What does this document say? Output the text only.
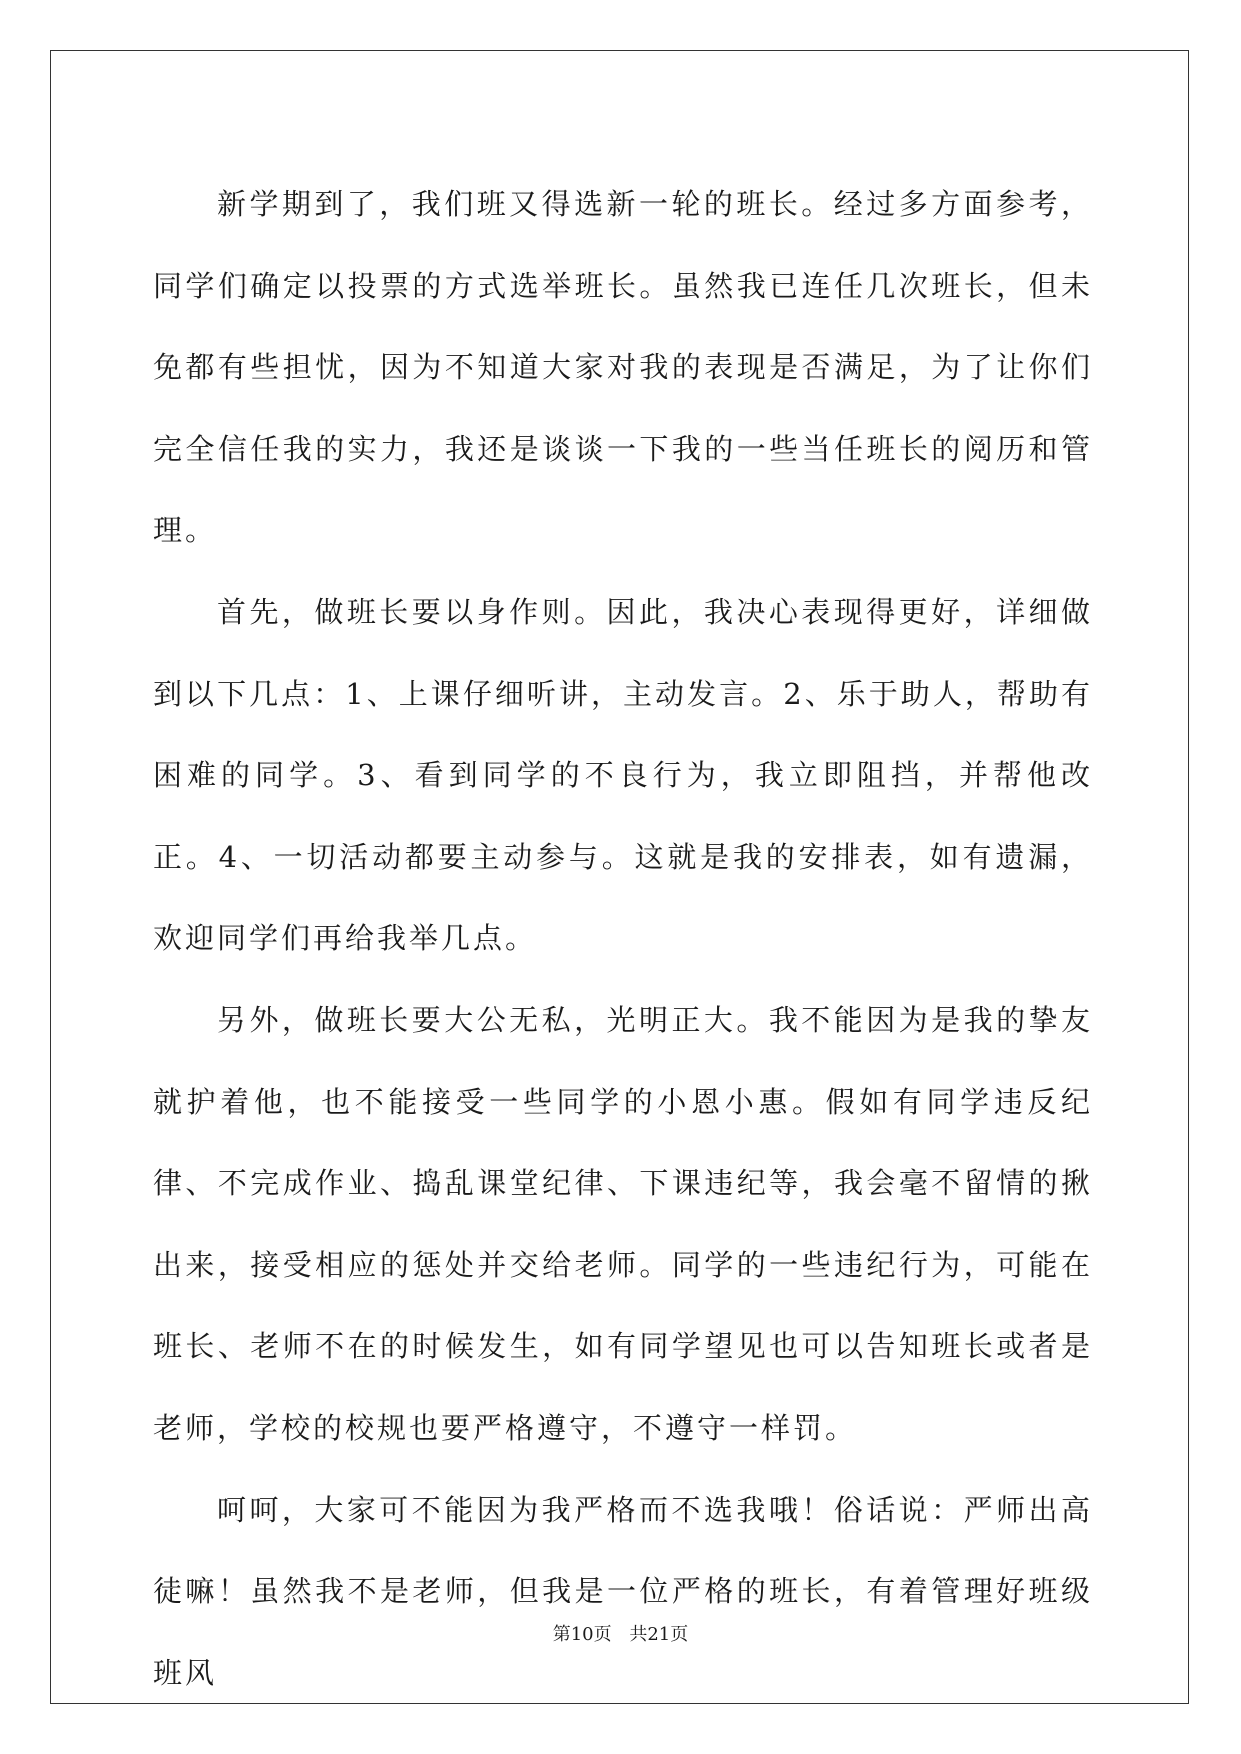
新学期到了，我们班又得选新一轮的班长。经过多方面参考，同学们确定以投票的方式选举班长。虽然我已连任几次班长，但未免都有些担忧，因为不知道大家对我的表现是否满足，为了让你们完全信任我的实力，我还是谈谈一下我的一些当任班长的阅历和管理。

首先，做班长要以身作则。因此，我决心表现得更好，详细做到以下几点：1、上课仔细听讲，主动发言。2、乐于助人，帮助有困难的同学。3、看到同学的不良行为，我立即阻挡，并帮他改正。4、一切活动都要主动参与。这就是我的安排表，如有遗漏，欢迎同学们再给我举几点。

另外，做班长要大公无私，光明正大。我不能因为是我的挚友就护着他，也不能接受一些同学的小恩小惠。假如有同学违反纪律、不完成作业、捣乱课堂纪律、下课违纪等，我会毫不留情的揪出来，接受相应的惩处并交给老师。同学的一些违纪行为，可能在班长、老师不在的时候发生，如有同学望见也可以告知班长或者是老师，学校的校规也要严格遵守，不遵守一样罚。

呵呵，大家可不能因为我严格而不选我哦！俗话说：严师出高徒嘛！虽然我不是老师，但我是一位严格的班长，有着管理好班级班风

第10页 共21页
